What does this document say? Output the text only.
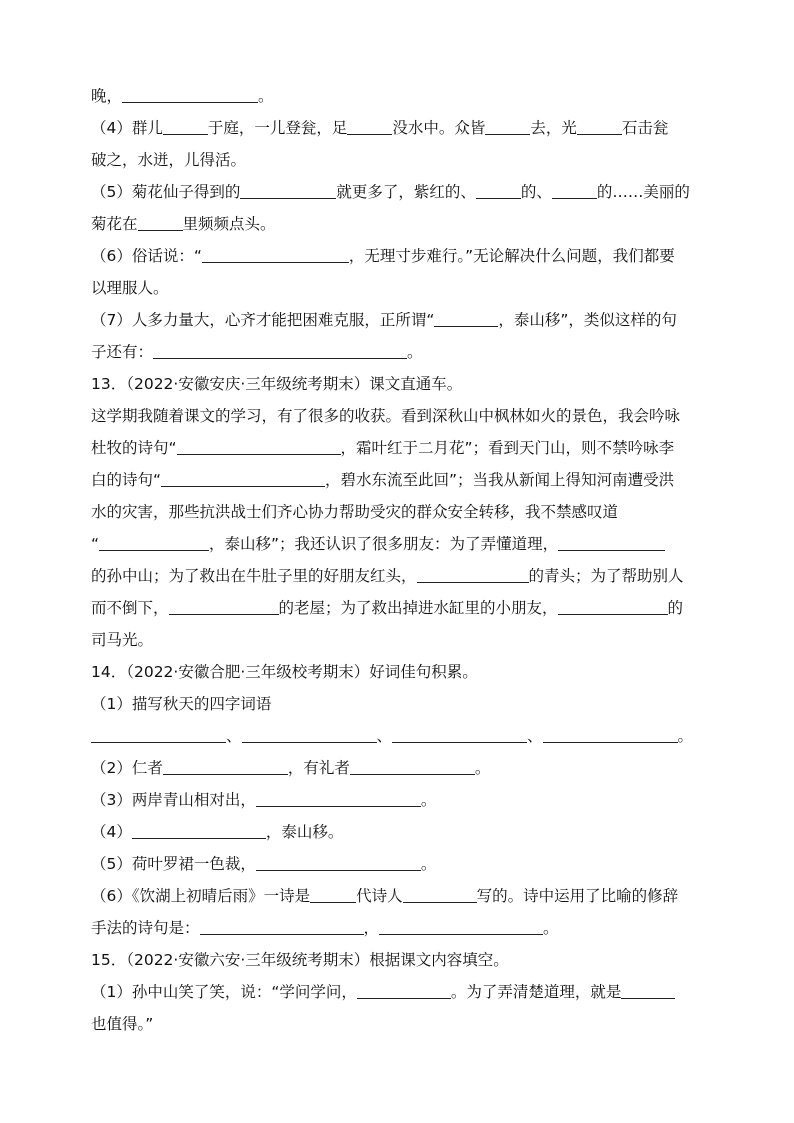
晚，	。
（4）群儿	于庭，一儿登瓮，足	没水中。众皆	去，光	石击瓮
破之，水迸，儿得活。
（5）菊花仙子得到的	就更多了，紫红的、	的、	的……美丽的
菊花在	里频频点头。
（6）俗话说：“	，无理寸步难行。”无论解决什么问题，我们都要
以理服人。
（7）人多力量大，心齐才能把困难克服，正所谓“	，泰山移”，类似这样的句
子还有：	。
13．（2022·安徽安庆·三年级统考期末）课文直通车。
这学期我随着课文的学习，有了很多的收获。看到深秋山中枫林如火的景色，我会吟咏
杜牧的诗句“	，霜叶红于二月花”；看到天门山，则不禁吟咏李
白的诗句“	，碧水东流至此回”；当我从新闻上得知河南遭受洪
水的灾害，那些抗洪战士们齐心协力帮助受灾的群众安全转移，我不禁感叹道
“	，泰山移”；我还认识了很多朋友：为了弄懂道理，
的孙中山；为了救出在牛肚子里的好朋友红头，	的青头；为了帮助别人
而不倒下，	的老屋；为了救出掉进水缸里的小朋友，	的
司马光。
14．（2022·安徽合肥·三年级校考期末）好词佳句积累。
（1）描写秋天的四字词语
、	、	、	。
（2）仁者	，有礼者	。
（3）两岸青山相对出，	。
（4）	，泰山移。
（5）荷叶罗裙一色裁，	。
（6）《饮湖上初晴后雨》一诗是	代诗人	写的。诗中运用了比喻的修辞
手法的诗句是：	，	。
15．（2022·安徽六安·三年级统考期末）根据课文内容填空。
（1）孙中山笑了笑，说：“学问学问，	。为了弄清楚道理，就是
也值得。”
